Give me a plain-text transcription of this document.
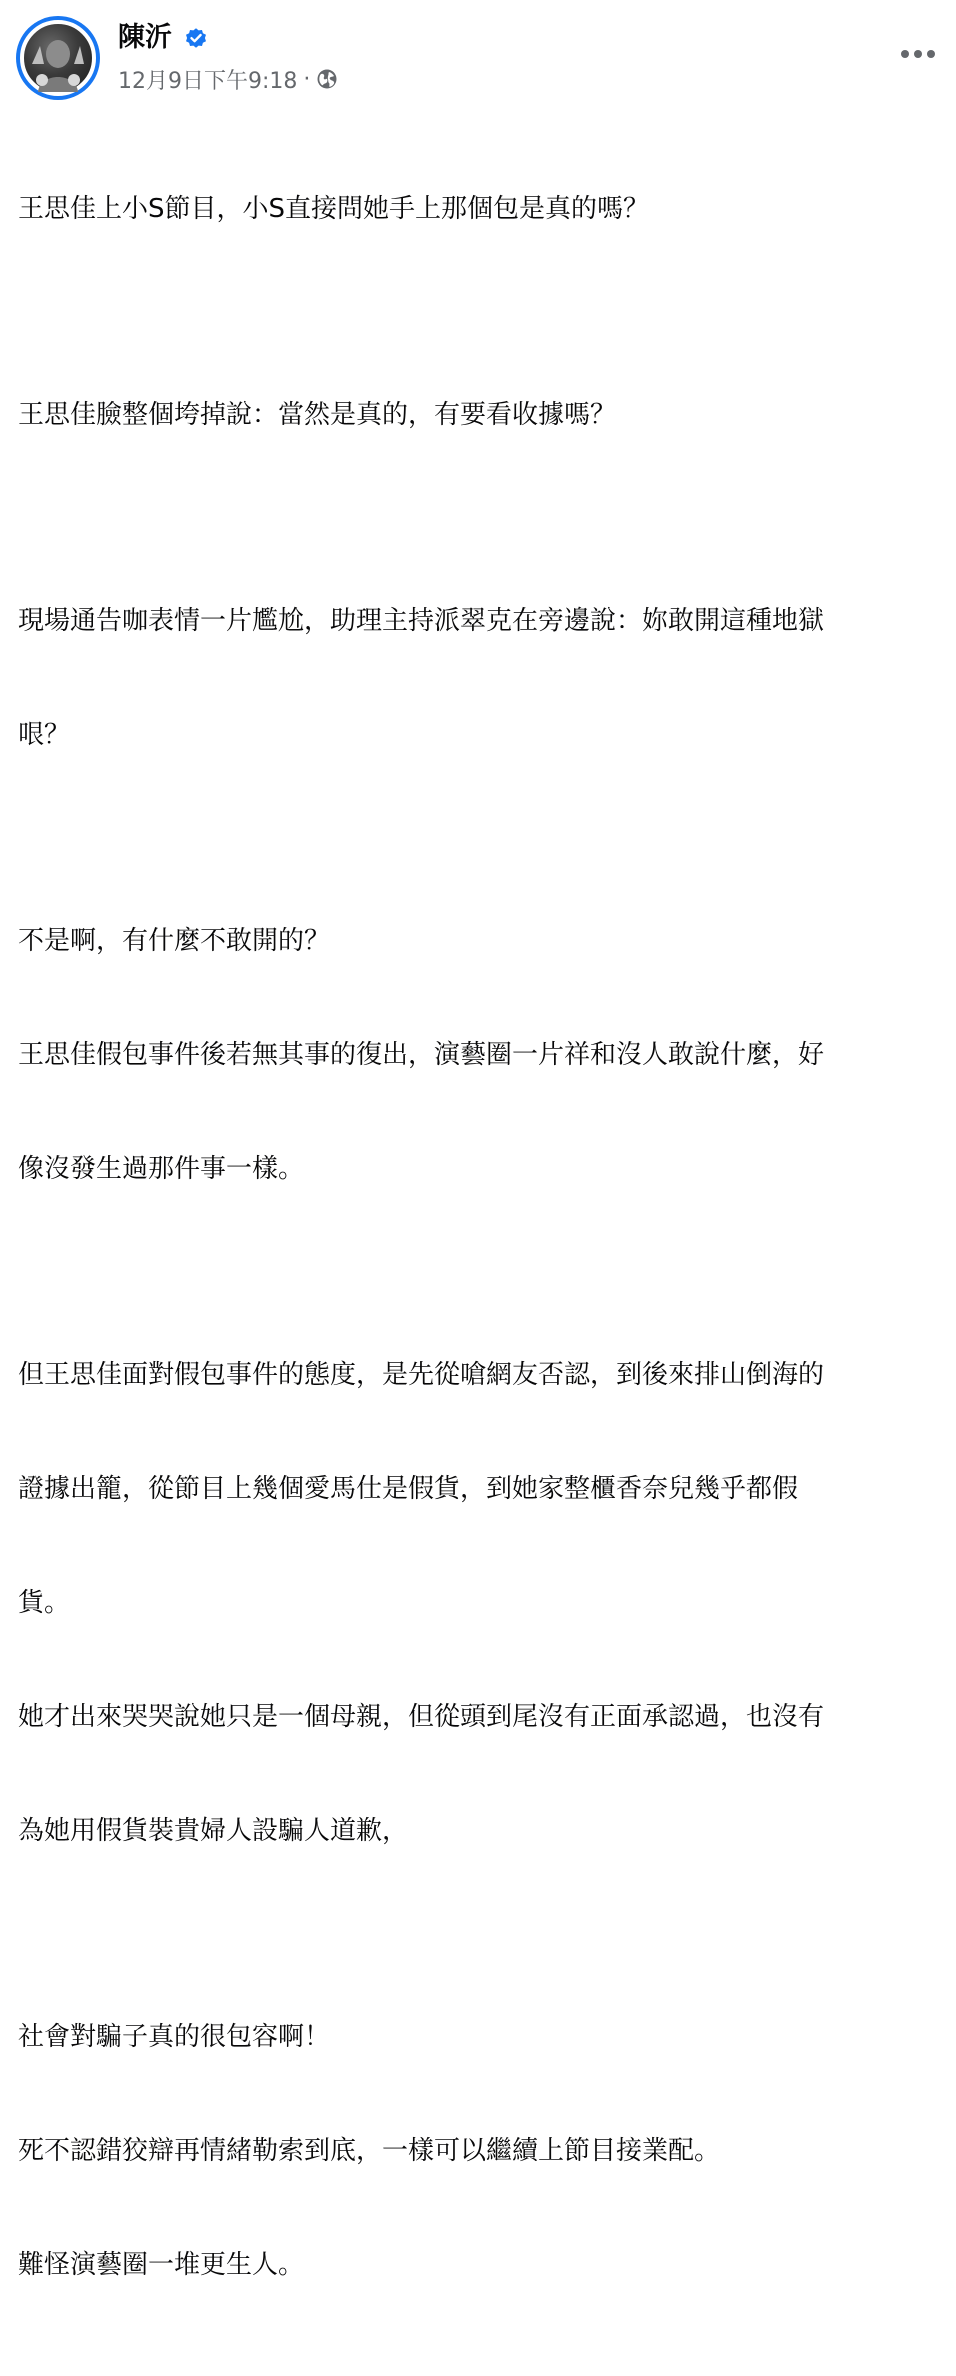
陳沂
12月9日下午9:18 ·

王思佳上小S節目，小S直接問她手上那個包是真的嗎？

王思佳臉整個垮掉說：當然是真的，有要看收據嗎？

現場通告咖表情一片尷尬，助理主持派翠克在旁邊說：妳敢開這種地獄

哏？

不是啊，有什麼不敢開的？

王思佳假包事件後若無其事的復出，演藝圈一片祥和沒人敢說什麼，好

像沒發生過那件事一樣。

但王思佳面對假包事件的態度，是先從嗆網友否認，到後來排山倒海的

證據出籠，從節目上幾個愛馬仕是假貨，到她家整櫃香奈兒幾乎都假

貨。

她才出來哭哭說她只是一個母親，但從頭到尾沒有正面承認過，也沒有

為她用假貨裝貴婦人設騙人道歉，

社會對騙子真的很包容啊！

死不認錯狡辯再情緒勒索到底，一樣可以繼續上節目接業配。

難怪演藝圈一堆更生人。
